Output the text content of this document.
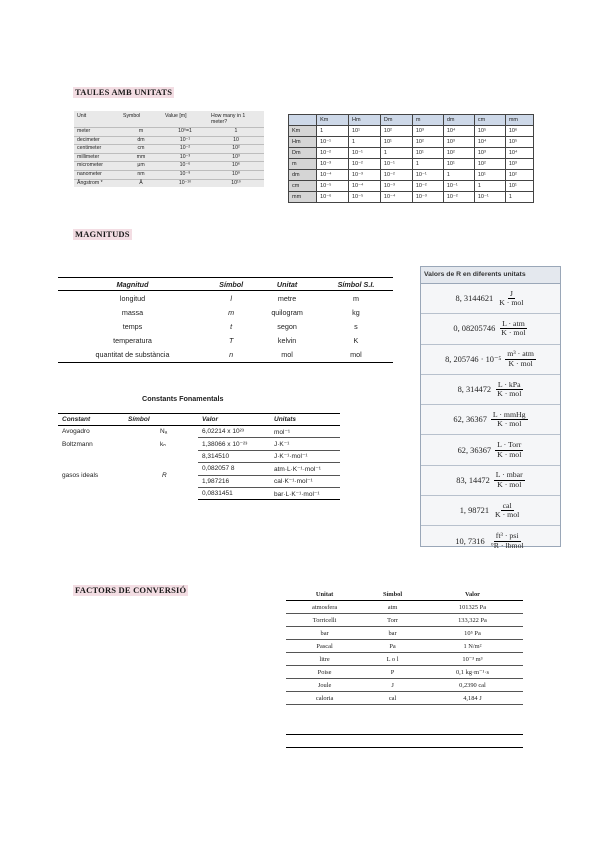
TAULES AMB UNITATS
MAGNITUDS
FACTORS DE CONVERSIÓ
Unit	Symbol	Value [m]	How many in 1 meter?
meter	m	10⁰=1	1
decimeter	dm	10⁻¹	10
centimeter	cm	10⁻²	10²
millimeter	mm	10⁻³	10³
micrometer	μm	10⁻⁶	10⁶
nanometer	nm	10⁻⁹	10⁹
Ångstrom *	Å	10⁻¹⁰	10¹⁰
	Km	Hm	Dm	m	dm	cm	mm
Km	1	10¹	10²	10³	10⁴	10⁵	10⁶
Hm	10⁻¹	1	10¹	10²	10³	10⁴	10⁵
Dm	10⁻²	10⁻¹	1	10¹	10²	10³	10⁴
m	10⁻³	10⁻²	10⁻¹	1	10¹	10²	10³
dm	10⁻⁴	10⁻³	10⁻²	10⁻¹	1	10¹	10²
cm	10⁻⁵	10⁻⁴	10⁻³	10⁻²	10⁻¹	1	10¹
mm	10⁻⁶	10⁻⁵	10⁻⁴	10⁻³	10⁻²	10⁻¹	1
Magnitud	Símbol	Unitat	Símbol S.I.
longitud	l	metre	m
massa	m	quilogram	kg
temps	t	segon	s
temperatura	T	kelvin	K
quantitat de substància	n	mol	mol
Valors de R en diferents unitats
8, $3144621 \frac{J}{\text{K · mol}}$
0, $08205746 \frac{\text{L · atm}}{\text{K · mol}}$
8, $205746 \cdot 10^{-5} \frac{\text{m³ · atm}}{\text{K · mol}}$
8, $314472 \frac{\text{L · kPa}}{\text{K · mol}}$
62, $36367 \frac{\text{L · mmHg}}{\text{K · mol}}$
62, $36367 \frac{\text{L · Torr}}{\text{K · mol}}$
83, $14472 \frac{\text{L · mbar}}{\text{K · mol}}$
1, $98721 \frac{\text{cal}}{\text{K · mol}}$
10, $7316 \frac{\text{ft³ · psi}}{\text{°R · lbmol}}$
Constants Fonamentals
Constant	Símbol	Valor	Unitats
Avogadro	Nₐ	6,02214 x 10²³	mol⁻¹
Boltzmann	kₙ	1,38066 x 10⁻²³	J·K⁻¹
gasos ideals	R	8,314510	J·K⁻¹·mol⁻¹
		0,082057 8	atm·L·K⁻¹·mol⁻¹
		1,987216	cal·K⁻¹·mol⁻¹
		0,0831451	bar·L·K⁻¹·mol⁻¹
Unitat	Símbol	Valor
atmosfera	atm	101325 Pa
Torricelli	Torr	133,322 Pa
bar	bar	10⁵ Pa
Pascal	Pa	1 N/m²
litre	L o l	10⁻³ m³
Poise	P	0,1 kg·m⁻¹·s
Joule	J	0,2390 cal
caloria	cal	4,184 J
